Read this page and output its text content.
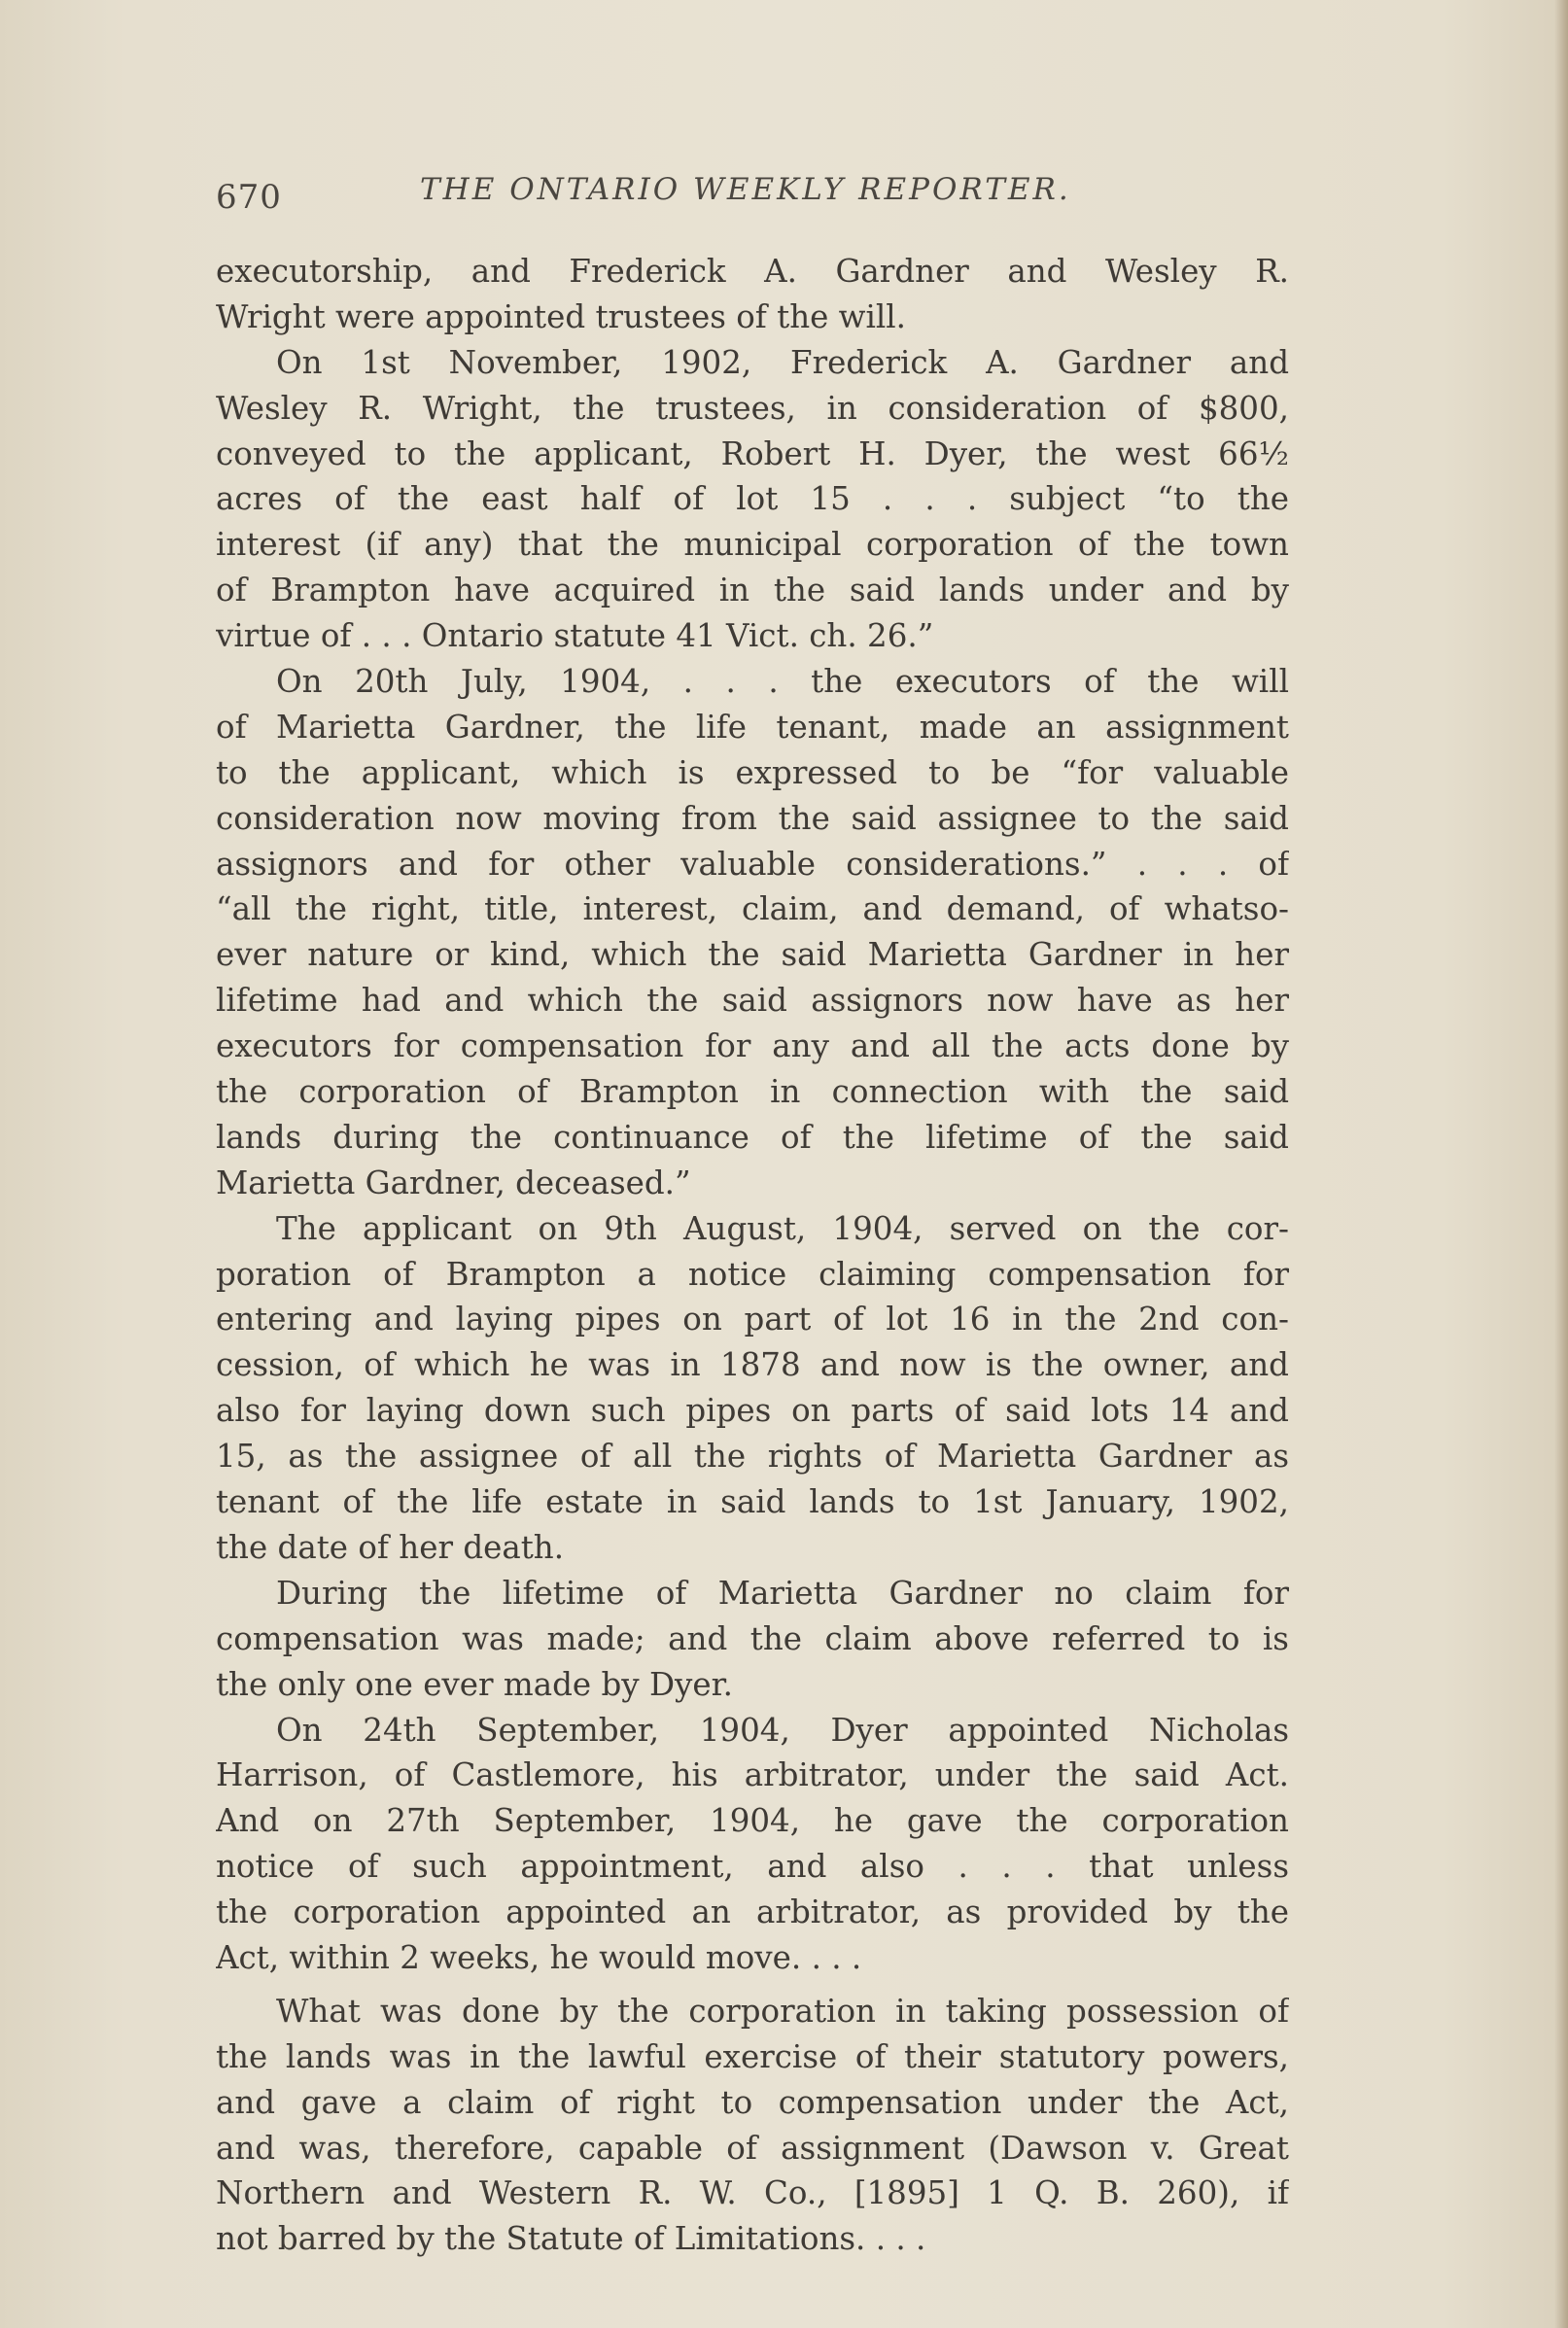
670	THE ONTARIO WEEKLY REPORTER.
executorship, and Frederick A. Gardner and Wesley R.
Wright were appointed trustees of the will.
On 1st November, 1902, Frederick A. Gardner and
Wesley R. Wright, the trustees, in consideration of $800,
conveyed to the applicant, Robert H. Dyer, the west 66½
acres of the east half of lot 15 . . . subject “to the
interest (if any) that the municipal corporation of the town
of Brampton have acquired in the said lands under and by
virtue of . . . Ontario statute 41 Vict. ch. 26.”
On 20th July, 1904, . . . the executors of the will
of Marietta Gardner, the life tenant, made an assignment
to the applicant, which is expressed to be “for valuable
consideration now moving from the said assignee to the said
assignors and for other valuable considerations.” . . . of
“all the right, title, interest, claim, and demand, of whatso-
ever nature or kind, which the said Marietta Gardner in her
lifetime had and which the said assignors now have as her
executors for compensation for any and all the acts done by
the corporation of Brampton in connection with the said
lands during the continuance of the lifetime of the said
Marietta Gardner, deceased.”
The applicant on 9th August, 1904, served on the cor-
poration of Brampton a notice claiming compensation for
entering and laying pipes on part of lot 16 in the 2nd con-
cession, of which he was in 1878 and now is the owner, and
also for laying down such pipes on parts of said lots 14 and
15, as the assignee of all the rights of Marietta Gardner as
tenant of the life estate in said lands to 1st January, 1902,
the date of her death.
During the lifetime of Marietta Gardner no claim for
compensation was made; and the claim above referred to is
the only one ever made by Dyer.
On 24th September, 1904, Dyer appointed Nicholas
Harrison, of Castlemore, his arbitrator, under the said Act.
And on 27th September, 1904, he gave the corporation
notice of such appointment, and also . . . that unless
the corporation appointed an arbitrator, as provided by the
Act, within 2 weeks, he would move. . . .
What was done by the corporation in taking possession of
the lands was in the lawful exercise of their statutory powers,
and gave a claim of right to compensation under the Act,
and was, therefore, capable of assignment (Dawson v. Great
Northern and Western R. W. Co., [1895] 1 Q. B. 260), if
not barred by the Statute of Limitations. . . .
